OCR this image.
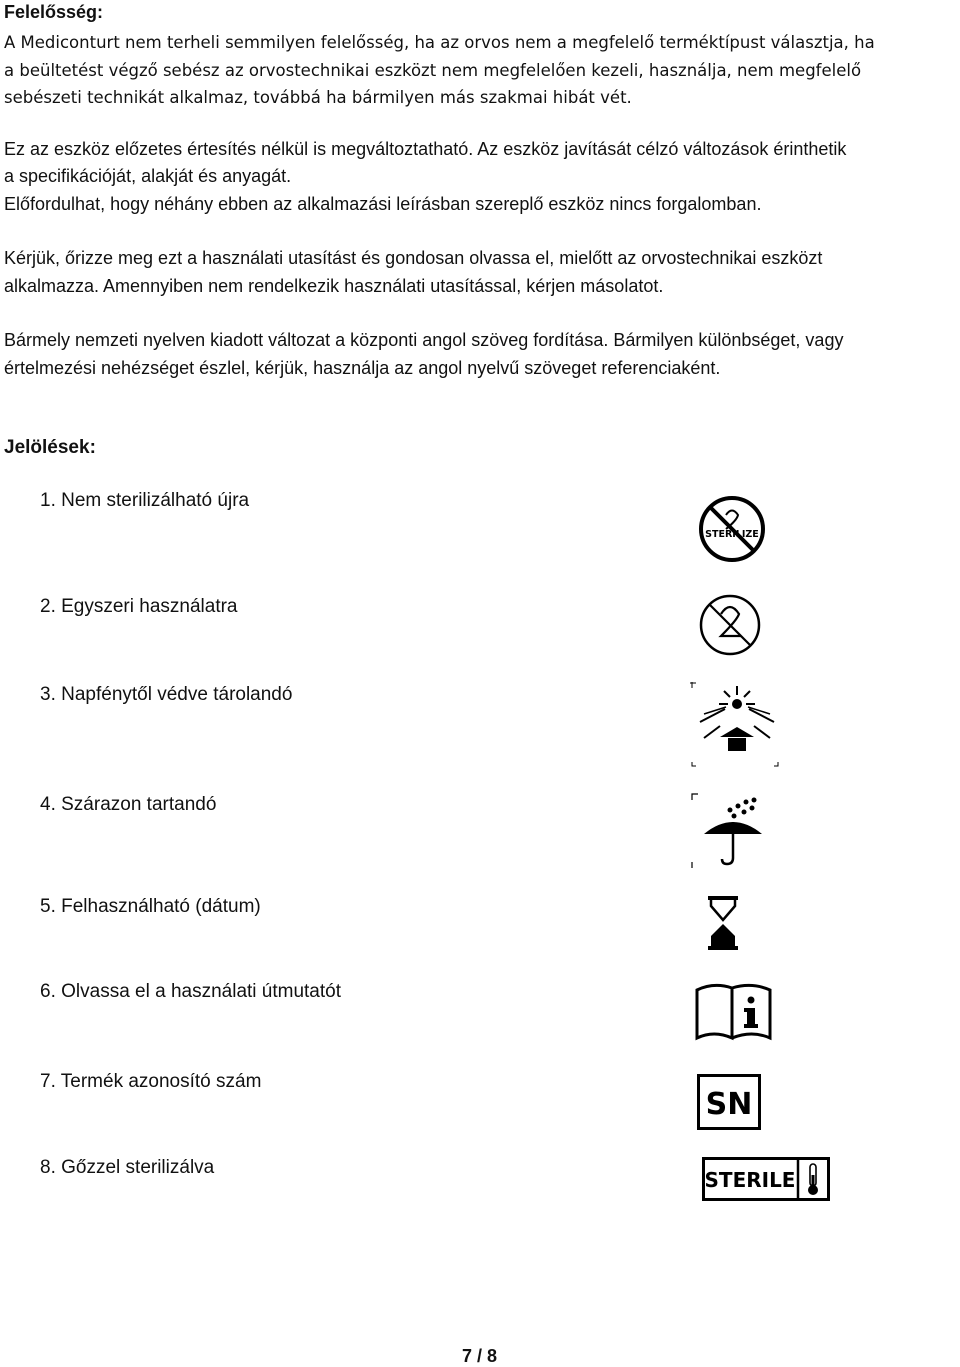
Felelősség:
A Medicon​turt nem terheli semmilyen felelősség, ha az orvos nem a megfelelő terméktípust választja, ha
a beültetést végző sebész az orvostechnikai eszközt nem megfelelően kezeli, használja, nem megfelelő
sebészeti technikát alkalmaz, továbbá ha bármilyen más szakmai hibát vét.
Ez az eszköz előzetes értesítés nélkül is megváltoztatható. Az eszköz javítását célzó változások érinthetik
a specifikációját, alakját és anyagát.
Előfordulhat, hogy néhány ebben az alkalmazási leírásban szereplő eszköz nincs forgalomban.
Kérjük, őrizze meg ezt a használati utasítást és gondosan olvassa el, mielőtt az orvostechnikai eszközt
alkalmazza. Amennyiben nem rendelkezik használati utasítással, kérjen másolatot.
Bármely nemzeti nyelven kiadott változat a központi angol szöveg fordítása. Bármilyen különbséget, vagy
értelmezési nehézséget észlel, kérjük, használja az angol nyelvű szöveget referenciaként.
Jelölések:
1. Nem sterilizálható újra
2. Egyszeri használatra
3. Napfénytől védve tárolandó
4. Szárazon tartandó
5. Felhasználható (dátum)
6. Olvassa el a használati útmutatót
7. Termék azonosító szám
8. Gőzzel sterilizálva
STERILIZE
SN
STERILE
7 / 8
